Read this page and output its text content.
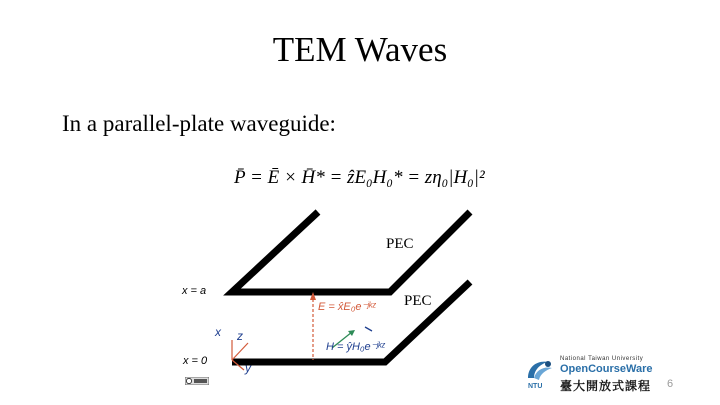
TEM Waves
In a parallel-plate waveguide:
P̄ = Ē × H̄* = ẑE₀H₀* = zη₀|H₀|²
PEC
PEC
x = a
x = 0
x z
y
E = x̂E₀e⁻ʲᵏᶻ
H = ŷH₀e⁻ʲᵏᶻ
NTU
National Taiwan University
OpenCourseWare
臺大開放式課程 6
